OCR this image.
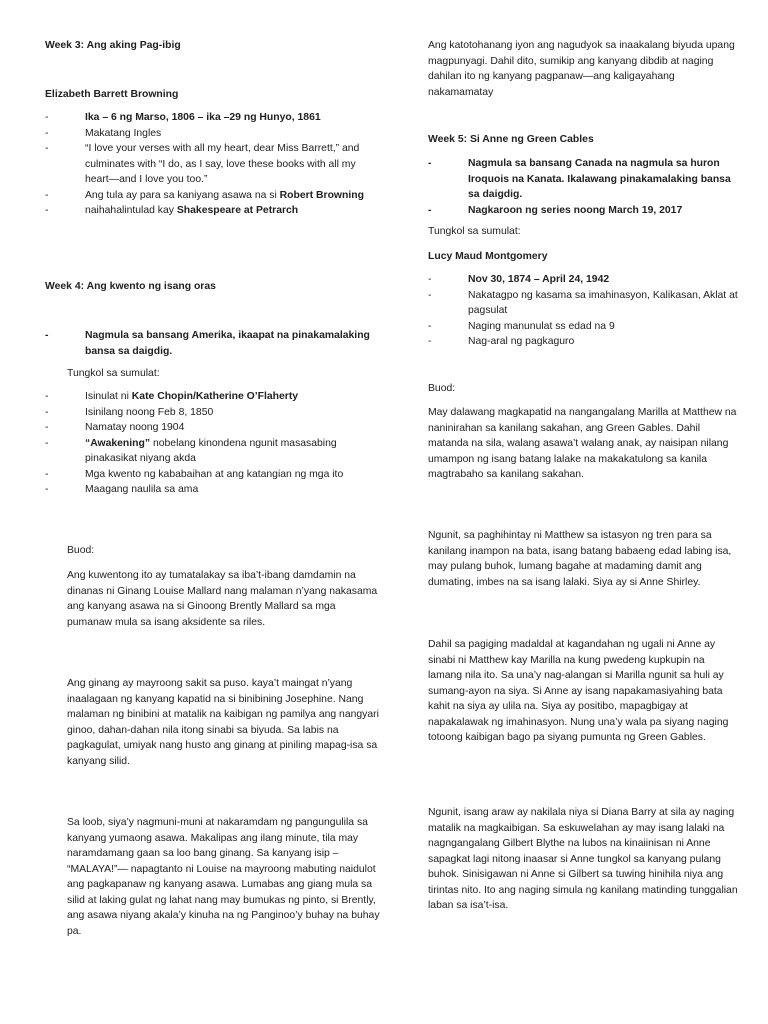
Week 3: Ang aking Pag-ibig

Elizabeth Barrett Browning

- Ika – 6 ng Marso, 1806 – ika –29 ng Hunyo, 1861
- Makatang Ingles
- “I love your verses with all my heart, dear Miss Barrett,” and culminates with “I do, as I say, love these books with all my heart—and I love you too.”
- Ang tula ay para sa kaniyang asawa na si Robert Browning
- naihahalintulad kay Shakespeare at Petrarch

Week 4: Ang kwento ng isang oras

- Nagmula sa bansang Amerika, ikaapat na pinakamalaking bansa sa daigdig.

Tungkol sa sumulat:

- Isinulat ni Kate Chopin/Katherine O’Flaherty
- Isinilang noong Feb 8, 1850
- Namatay noong 1904
- “Awakening” nobelang kinondena ngunit masasabing pinakasikat niyang akda
- Mga kwento ng kababaihan at ang katangian ng mga ito
- Maagang naulila sa ama

Buod:

Ang kuwentong ito ay tumatalakay sa iba’t-ibang damdamin na dinanas ni Ginang Louise Mallard nang malaman n’yang nakasama ang kanyang asawa na si Ginoong Brently Mallard sa mga pumanaw mula sa isang aksidente sa riles.

Ang ginang ay mayroong sakit sa puso. kaya’t maingat n’yang inaalagaan ng kanyang kapatid na si binibining Josephine. Nang malaman ng binibini at matalik na kaibigan ng pamilya ang nangyari ginoo, dahan-dahan nila itong sinabi sa biyuda. Sa labis na pagkagulat, umiyak nang husto ang ginang at piniling mapag-isa sa kanyang silid.

Sa loob, siya’y nagmuni-muni at nakaramdam ng pangungulila sa kanyang yumaong asawa. Makalipas ang ilang minute, tila may naramdamang gaan sa loo bang ginang. Sa kanyang isip – “MALAYA!”— napagtanto ni Louise na mayroong mabuting naidulot ang pagkapanaw ng kanyang asawa. Lumabas ang giang mula sa silid at laking gulat ng lahat nang may bumukas ng pinto, si Brently, ang asawa niyang akala’y kinuha na ng Panginoo’y buhay na buhay pa.

Ang katotohanang iyon ang nagudyok sa inaakalang biyuda upang magpunyagi. Dahil dito, sumikip ang kanyang dibdib at naging dahilan ito ng kanyang pagpanaw—ang kaligayahang nakamamatay

Week 5: Si Anne ng Green Cables

- Nagmula sa bansang Canada na nagmula sa huron Iroquois na Kanata. Ikalawang pinakamalaking bansa sa daigdig.
- Nagkaroon ng series noong March 19, 2017

Tungkol sa sumulat:

Lucy Maud Montgomery

- Nov 30, 1874 – April 24, 1942
- Nakatagpo ng kasama sa imahinasyon, Kalikasan, Aklat at pagsulat
- Naging manunulat ss edad na 9
- Nag-aral ng pagkaguro

Buod:

May dalawang magkapatid na nangangalang Marilla at Matthew na naninirahan sa kanilang sakahan, ang Green Gables. Dahil matanda na sila, walang asawa’t walang anak, ay naisipan nilang umampon ng isang batang lalake na makakatulong sa kanila magtrabaho sa kanilang sakahan.

Ngunit, sa paghihintay ni Matthew sa istasyon ng tren para sa kanilang inampon na bata, isang batang babaeng edad labing isa, may pulang buhok, lumang bagahe at madaming damit ang dumating, imbes na sa isang lalaki. Siya ay si Anne Shirley.

Dahil sa pagiging madaldal at kagandahan ng ugali ni Anne ay sinabi ni Matthew kay Marilla na kung pwedeng kupkupin na lamang nila ito. Sa una’y nag-alangan si Marilla ngunit sa huli ay sumang-ayon na siya. Si Anne ay isang napakamasiyahing bata kahit na siya ay ulila na. Siya ay positibo, mapagbigay at napakalawak ng imahinasyon. Nung una’y wala pa siyang naging totoong kaibigan bago pa siyang pumunta ng Green Gables.

Ngunit, isang araw ay nakilala niya si Diana Barry at sila ay naging matalik na magkaibigan. Sa eskuwelahan ay may isang lalaki na nagngangalang Gilbert Blythe na lubos na kinaiinisan ni Anne sapagkat lagi nitong inaasar si Anne tungkol sa kanyang pulang buhok. Sinisigawan ni Anne si Gilbert sa tuwing hinihila niya ang tirintas nito. Ito ang naging simula ng kanilang matinding tunggalian laban sa isa’t-isa.
